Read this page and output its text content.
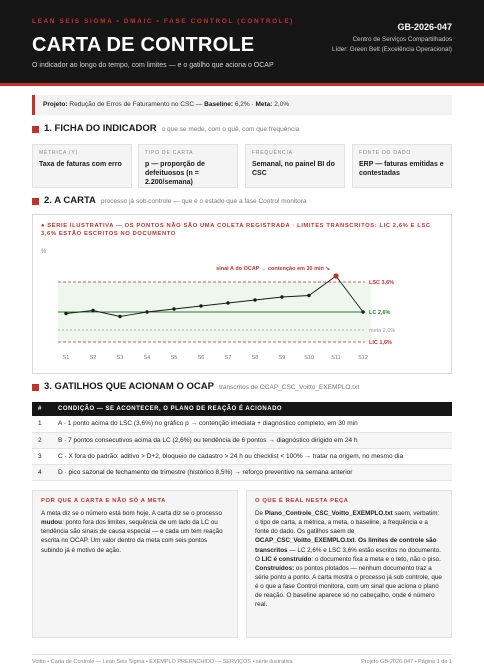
LEAN SEIS SIGMA • DMAIC • FASE CONTROL (CONTROLE)
CARTA DE CONTROLE
O indicador ao longo do tempo, com limites — e o gatilho que aciona o OCAP
GB-2026-047
Centro de Serviços Compartilhados
Líder: Green Belt (Excelência Operacional)
Projeto: Redução de Erros de Faturamento no CSC — Baseline: 6,2% · Meta: 2,0%
1. FICHA DO INDICADOR o que se mede, com o quê, com que frequência
MÉTRICA (Y)
Taxa de faturas com erro
TIPO DE CARTA
p — proporção de defeituosos (n = 2.200/semana)
FREQUÊNCIA
Semanal, no painel BI do CSC
FONTE DO DADO
ERP — faturas emitidas e contestadas
2. A CARTA processo já sob controle — que é o estado que a fase Control monitora
● SÉRIE ILUSTRATIVA — OS PONTOS NÃO SÃO UMA COLETA REGISTRADA · LIMITES TRANSCRITOS: LIC 2,6% E LSC 3,6% ESTÃO ESCRITOS NO DOCUMENTO
%
LSC 3,6%
LC 2,6%
meta 2,0%
LIC 1,6%
S1	S2	S3	S4	S5	S6	S7	S8	S9	S10	S11	S12
sinal A do OCAP → contenção em 30 min ↘
3. GATILHOS QUE ACIONAM O OCAP transcritos de OCAP_CSC_Voitto_EXEMPLO.txt
#	CONDIÇÃO — SE ACONTECER, O PLANO DE REAÇÃO É ACIONADO
1	A · 1 ponto acima do LSC (3,6%) no gráfico p → contenção imediata + diagnóstico completo, em 30 min
2	B · 7 pontos consecutivos acima da LC (2,6%) ou tendência de 6 pontos → diagnóstico dirigido em 24 h
3	C · X fora do padrão: aditivo > D+2, bloqueio de cadastro > 24 h ou checklist < 100% → tratar na origem, no mesmo dia
4	D · pico sazonal de fechamento de trimestre (histórico 8,5%) → reforço preventivo na semana anterior
POR QUE A CARTA E NÃO SÓ A META
A meta diz se o número está bom hoje. A carta diz se o processo mudou: ponto fora dos limites, sequência de um lado da LC ou tendência são sinais de causa especial — e cada um tem reação escrita no OCAP. Um valor dentro da meta com seis pontos subindo já é motivo de ação.
O QUE É REAL NESTA PEÇA
De Plano_Controle_CSC_Voitto_EXEMPLO.txt saem, verbatim: o tipo de carta, a métrica, a meta, o baseline, a frequência e a fonte do dado. Os gatilhos saem de OCAP_CSC_Voitto_EXEMPLO.txt. Os limites de controle são transcritos — LC 2,6% e LSC 3,6% estão escritos no documento. O LIC é construído: o documento fixa a meta e o teto, não o piso. Construídos: os pontos plotados — nenhum documento traz a série ponto a ponto. A carta mostra o processo já sob controle, que é o que a fase Control monitora, com um sinal que aciona o plano de reação. O baseline aparece só no cabeçalho, onde é número real.
Voitto • Carta de Controle — Lean Seis Sigma • EXEMPLO PREENCHIDO — SERVIÇOS • série ilustrativa	Projeto GB-2026-047 • Página 1 de 1
